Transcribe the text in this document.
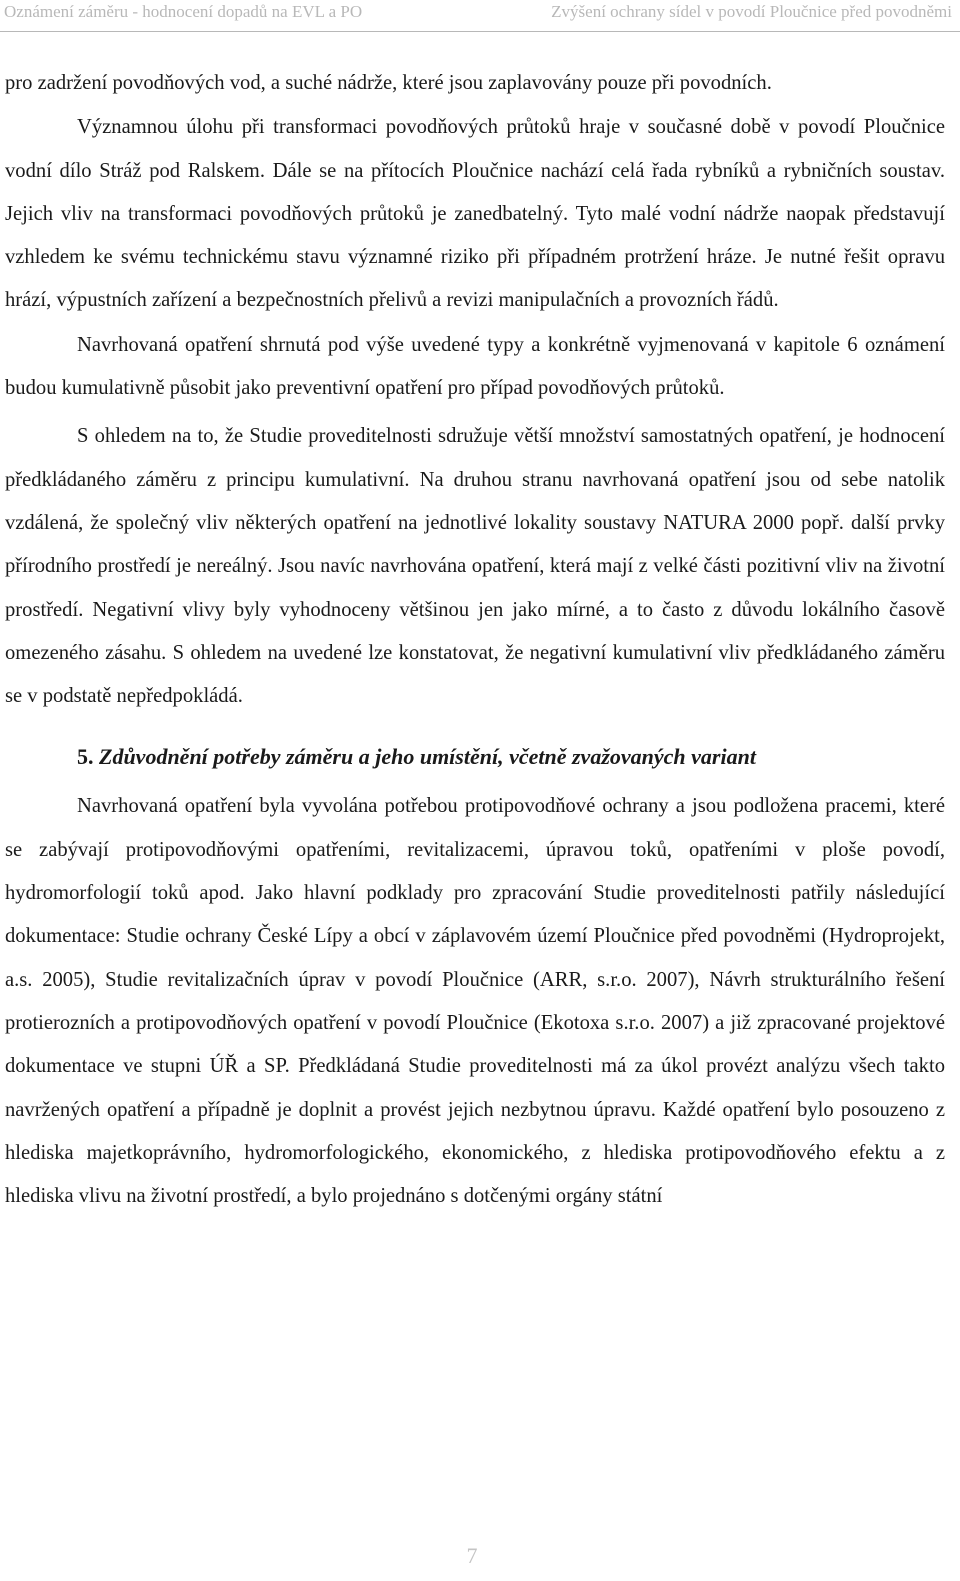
Oznámení záměru - hodnocení dopadů na EVL a PO	Zvýšení ochrany sídel v povodí Ploučnice před povodněmi

pro zadržení povodňových vod, a suché nádrže, které jsou zaplavovány pouze při povodních.

Významnou úlohu při transformaci povodňových průtoků hraje v současné době v povodí Ploučnice vodní dílo Stráž pod Ralskem. Dále se na přítocích Ploučnice nachází celá řada rybníků a rybničních soustav. Jejich vliv na transformaci povodňových průtoků je zanedbatelný. Tyto malé vodní nádrže naopak představují vzhledem ke svému technickému stavu významné riziko při případném protržení hráze. Je nutné řešit opravu hrází, výpustních zařízení a bezpečnostních přelivů a revizi manipulačních a provozních řádů.

Navrhovaná opatření shrnutá pod výše uvedené typy a konkrétně vyjmenovaná v kapitole 6 oznámení budou kumulativně působit jako preventivní opatření pro případ povodňových průtoků.

S ohledem na to, že Studie proveditelnosti sdružuje větší množství samostatných opatření, je hodnocení předkládaného záměru z principu kumulativní. Na druhou stranu navrhovaná opatření jsou od sebe natolik vzdálená, že společný vliv některých opatření na jednotlivé lokality soustavy NATURA 2000 popř. další prvky přírodního prostředí je nereálný. Jsou navíc navrhována opatření, která mají z velké části pozitivní vliv na životní prostředí. Negativní vlivy byly vyhodnoceny většinou jen jako mírné, a to často z důvodu lokálního časově omezeného zásahu. S ohledem na uvedené lze konstatovat, že negativní kumulativní vliv předkládaného záměru se v podstatě nepředpokládá.

5. Zdůvodnění potřeby záměru a jeho umístění, včetně zvažovaných variant

Navrhovaná opatření byla vyvolána potřebou protipovodňové ochrany a jsou podložena pracemi, které se zabývají protipovodňovými opatřeními, revitalizacemi, úpravou toků, opatřeními v ploše povodí, hydromorfologií toků apod. Jako hlavní podklady pro zpracování Studie proveditelnosti patřily následující dokumentace: Studie ochrany České Lípy a obcí v záplavovém území Ploučnice před povodněmi (Hydroprojekt, a.s. 2005), Studie revitalizačních úprav v povodí Ploučnice (ARR, s.r.o. 2007), Návrh strukturálního řešení protierozních a protipovodňových opatření v povodí Ploučnice (Ekotoxa s.r.o. 2007) a již zpracované projektové dokumentace ve stupni ÚŘ a SP. Předkládaná Studie proveditelnosti má za úkol provézt analýzu všech takto navržených opatření a případně je doplnit a provést jejich nezbytnou úpravu. Každé opatření bylo posouzeno z hlediska majetkoprávního, hydromorfologického, ekonomického, z hlediska protipovodňového efektu a z hlediska vlivu na životní prostředí, a bylo projednáno s dotčenými orgány státní

7
